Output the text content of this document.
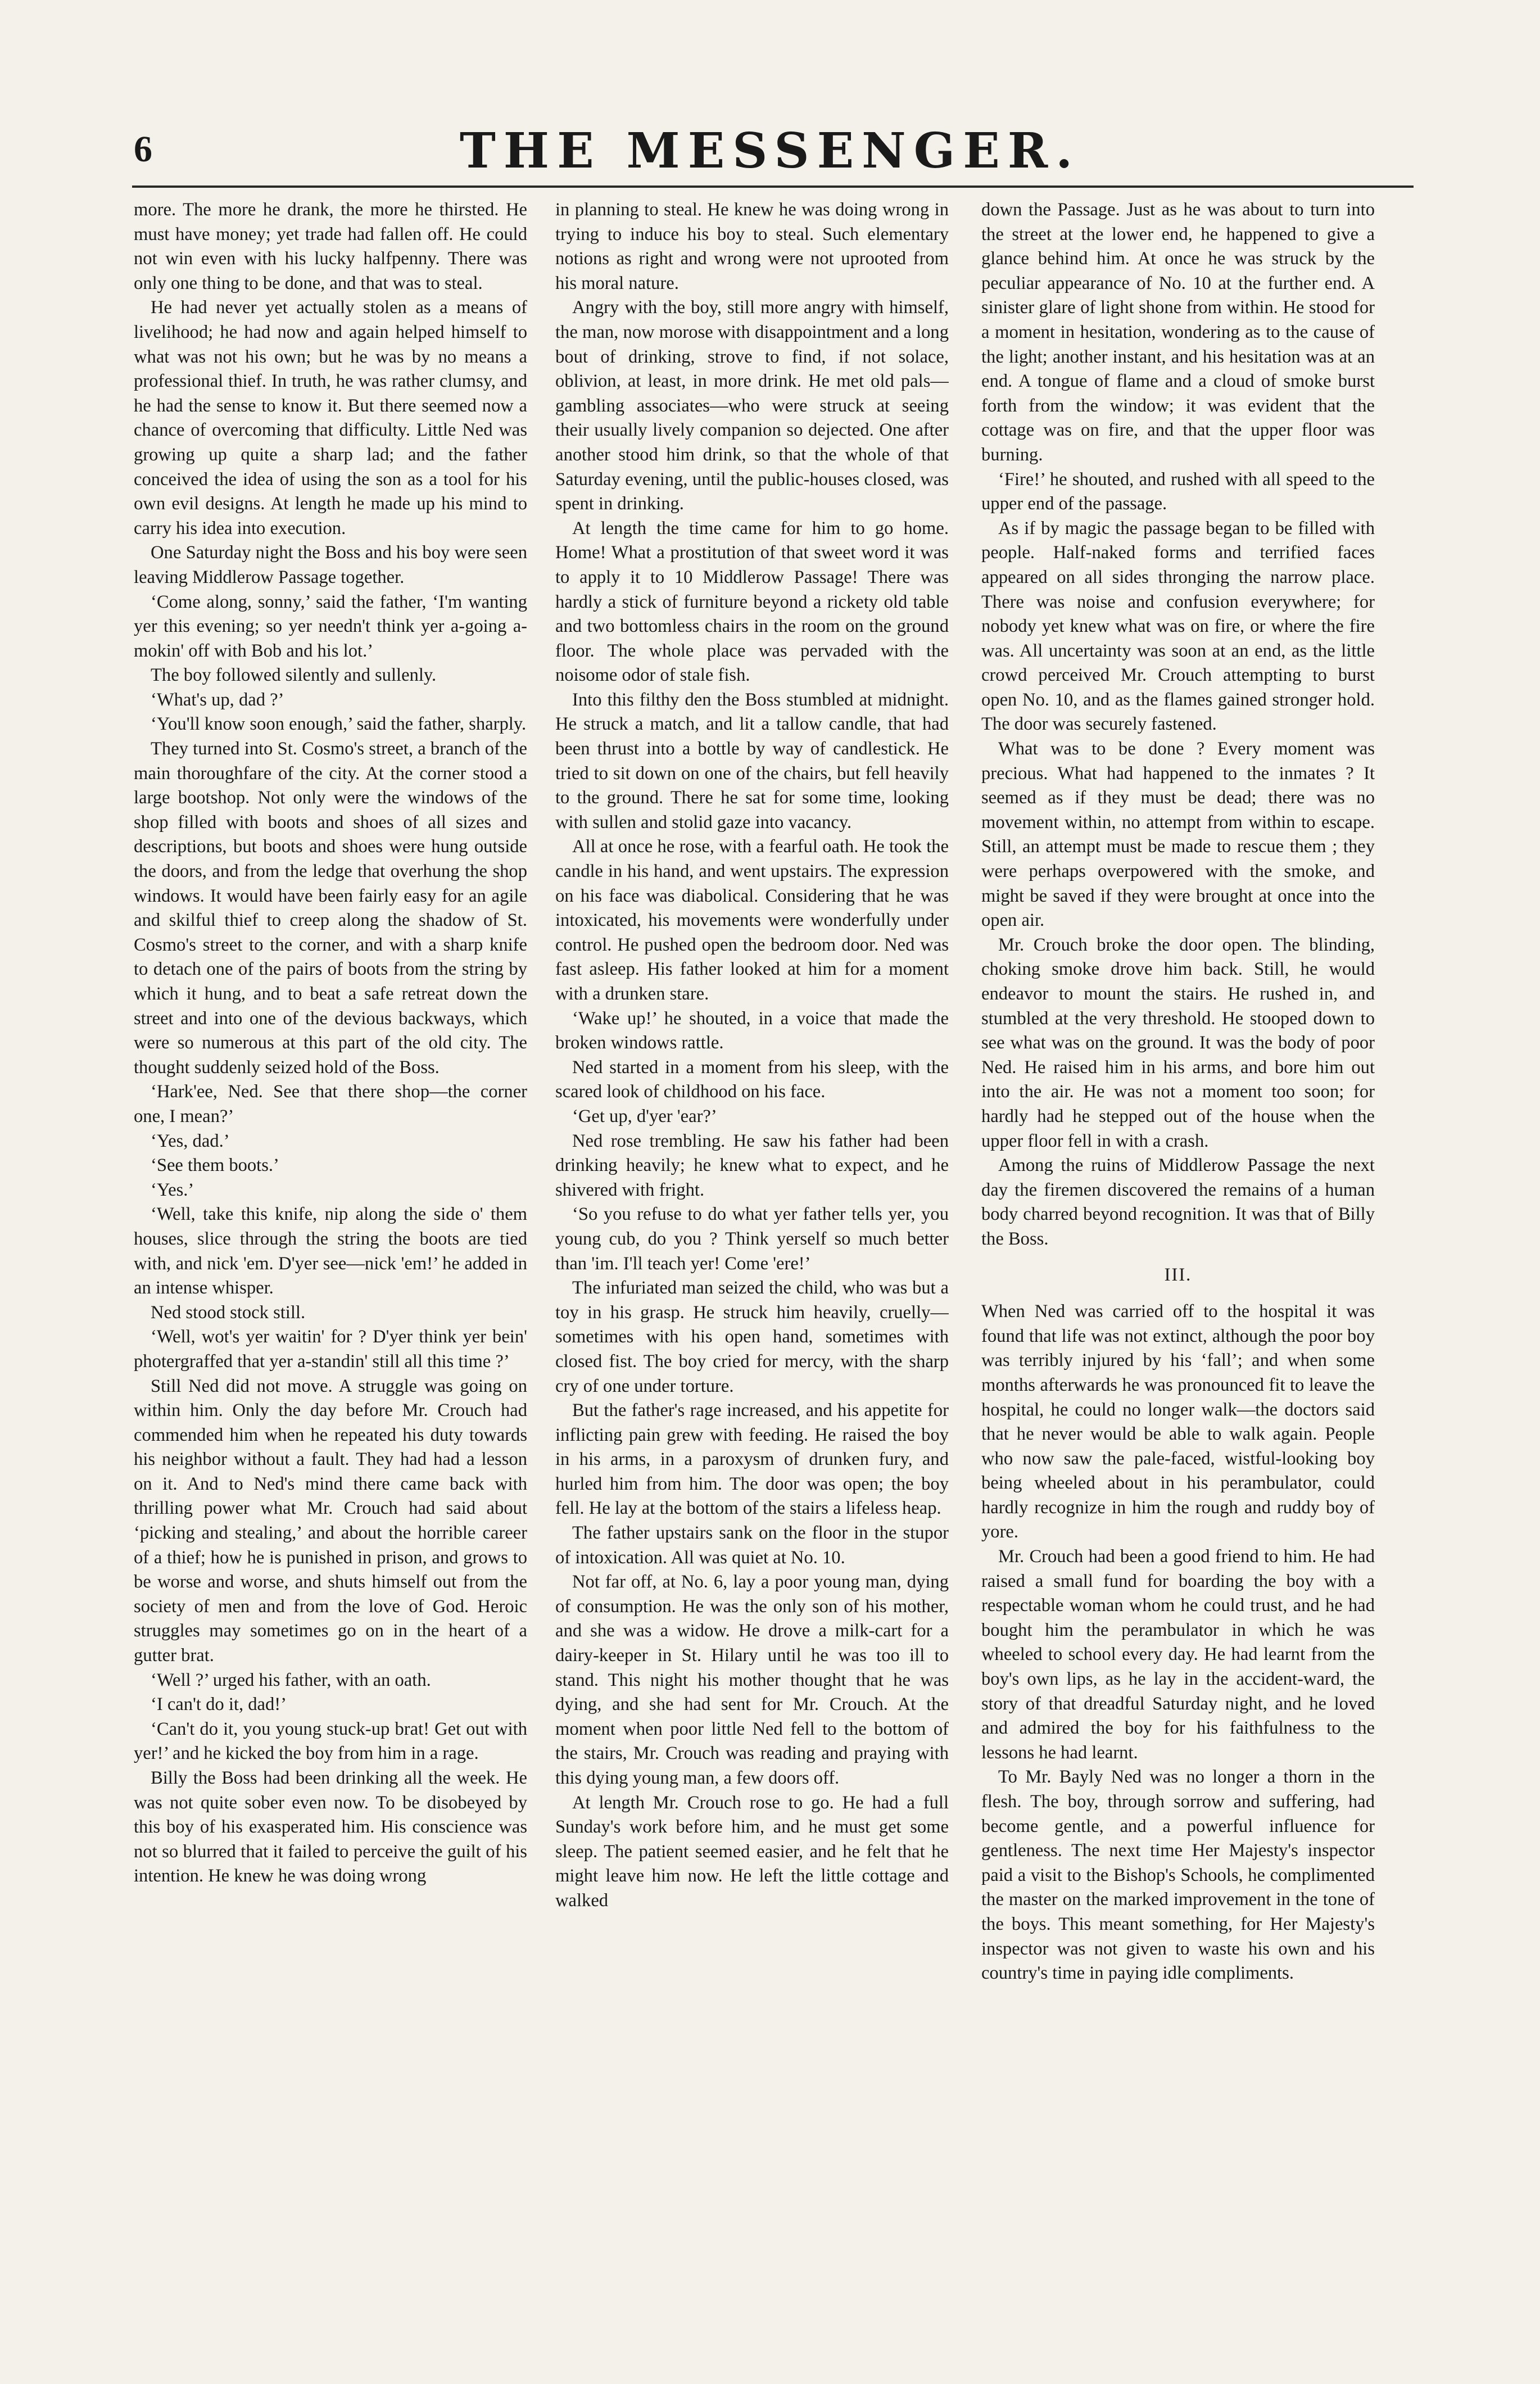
6	THE MESSENGER.

more. The more he drank, the more he thirsted. He must have money; yet trade had fallen off. He could not win even with his lucky halfpenny. There was only one thing to be done, and that was to steal.

He had never yet actually stolen as a means of livelihood; he had now and again helped himself to what was not his own; but he was by no means a professional thief. In truth, he was rather clumsy, and he had the sense to know it. But there seemed now a chance of overcoming that difficulty. Little Ned was growing up quite a sharp lad; and the father conceived the idea of using the son as a tool for his own evil designs. At length he made up his mind to carry his idea into execution.

One Saturday night the Boss and his boy were seen leaving Middlerow Passage together.

‘Come along, sonny,’ said the father, ‘I'm wanting yer this evening; so yer needn't think yer a-going a-mokin' off with Bob and his lot.’

The boy followed silently and sullenly.

‘What's up, dad ?’

‘You'll know soon enough,’ said the father, sharply.

They turned into St. Cosmo's street, a branch of the main thoroughfare of the city. At the corner stood a large bootshop. Not only were the windows of the shop filled with boots and shoes of all sizes and descriptions, but boots and shoes were hung outside the doors, and from the ledge that overhung the shop windows. It would have been fairly easy for an agile and skilful thief to creep along the shadow of St. Cosmo's street to the corner, and with a sharp knife to detach one of the pairs of boots from the string by which it hung, and to beat a safe retreat down the street and into one of the devious backways, which were so numerous at this part of the old city. The thought suddenly seized hold of the Boss.

‘Hark'ee, Ned. See that there shop—the corner one, I mean?’

‘Yes, dad.’

‘See them boots.’

‘Yes.’

‘Well, take this knife, nip along the side o' them houses, slice through the string the boots are tied with, and nick 'em. D'yer see—nick 'em!’ he added in an intense whisper.

Ned stood stock still.

‘Well, wot's yer waitin' for ? D'yer think yer bein' photergraffed that yer a-standin' still all this time ?’

Still Ned did not move. A struggle was going on within him. Only the day before Mr. Crouch had commended him when he repeated his duty towards his neighbor without a fault. They had had a lesson on it. And to Ned's mind there came back with thrilling power what Mr. Crouch had said about ‘picking and stealing,’ and about the horrible career of a thief; how he is punished in prison, and grows to be worse and worse, and shuts himself out from the society of men and from the love of God. Heroic struggles may sometimes go on in the heart of a gutter brat.

‘Well ?’ urged his father, with an oath.

‘I can't do it, dad!’

‘Can't do it, you young stuck-up brat! Get out with yer!’ and he kicked the boy from him in a rage.

Billy the Boss had been drinking all the week. He was not quite sober even now. To be disobeyed by this boy of his exasperated him. His conscience was not so blurred that it failed to perceive the guilt of his intention. He knew he was doing wrong

in planning to steal. He knew he was doing wrong in trying to induce his boy to steal. Such elementary notions as right and wrong were not uprooted from his moral nature.

Angry with the boy, still more angry with himself, the man, now morose with disappointment and a long bout of drinking, strove to find, if not solace, oblivion, at least, in more drink. He met old pals—gambling associates—who were struck at seeing their usually lively companion so dejected. One after another stood him drink, so that the whole of that Saturday evening, until the public-houses closed, was spent in drinking.

At length the time came for him to go home. Home! What a prostitution of that sweet word it was to apply it to 10 Middlerow Passage! There was hardly a stick of furniture beyond a rickety old table and two bottomless chairs in the room on the ground floor. The whole place was pervaded with the noisome odor of stale fish.

Into this filthy den the Boss stumbled at midnight. He struck a match, and lit a tallow candle, that had been thrust into a bottle by way of candlestick. He tried to sit down on one of the chairs, but fell heavily to the ground. There he sat for some time, looking with sullen and stolid gaze into vacancy.

All at once he rose, with a fearful oath. He took the candle in his hand, and went upstairs. The expression on his face was diabolical. Considering that he was intoxicated, his movements were wonderfully under control. He pushed open the bedroom door. Ned was fast asleep. His father looked at him for a moment with a drunken stare.

‘Wake up!’ he shouted, in a voice that made the broken windows rattle.

Ned started in a moment from his sleep, with the scared look of childhood on his face.

‘Get up, d'yer 'ear?’

Ned rose trembling. He saw his father had been drinking heavily; he knew what to expect, and he shivered with fright.

‘So you refuse to do what yer father tells yer, you young cub, do you ? Think yerself so much better than 'im. I'll teach yer! Come 'ere!’

The infuriated man seized the child, who was but a toy in his grasp. He struck him heavily, cruelly—sometimes with his open hand, sometimes with closed fist. The boy cried for mercy, with the sharp cry of one under torture.

But the father's rage increased, and his appetite for inflicting pain grew with feeding. He raised the boy in his arms, in a paroxysm of drunken fury, and hurled him from him. The door was open; the boy fell. He lay at the bottom of the stairs a lifeless heap.

The father upstairs sank on the floor in the stupor of intoxication. All was quiet at No. 10.

Not far off, at No. 6, lay a poor young man, dying of consumption. He was the only son of his mother, and she was a widow. He drove a milk-cart for a dairy-keeper in St. Hilary until he was too ill to stand. This night his mother thought that he was dying, and she had sent for Mr. Crouch. At the moment when poor little Ned fell to the bottom of the stairs, Mr. Crouch was reading and praying with this dying young man, a few doors off.

At length Mr. Crouch rose to go. He had a full Sunday's work before him, and he must get some sleep. The patient seemed easier, and he felt that he might leave him now. He left the little cottage and walked

down the Passage. Just as he was about to turn into the street at the lower end, he happened to give a glance behind him. At once he was struck by the peculiar appearance of No. 10 at the further end. A sinister glare of light shone from within. He stood for a moment in hesitation, wondering as to the cause of the light; another instant, and his hesitation was at an end. A tongue of flame and a cloud of smoke burst forth from the window; it was evident that the cottage was on fire, and that the upper floor was burning.

‘Fire!’ he shouted, and rushed with all speed to the upper end of the passage.

As if by magic the passage began to be filled with people. Half-naked forms and terrified faces appeared on all sides thronging the narrow place. There was noise and confusion everywhere; for nobody yet knew what was on fire, or where the fire was. All uncertainty was soon at an end, as the little crowd perceived Mr. Crouch attempting to burst open No. 10, and as the flames gained stronger hold. The door was securely fastened.

What was to be done ? Every moment was precious. What had happened to the inmates ? It seemed as if they must be dead; there was no movement within, no attempt from within to escape. Still, an attempt must be made to rescue them ; they were perhaps overpowered with the smoke, and might be saved if they were brought at once into the open air.

Mr. Crouch broke the door open. The blinding, choking smoke drove him back. Still, he would endeavor to mount the stairs. He rushed in, and stumbled at the very threshold. He stooped down to see what was on the ground. It was the body of poor Ned. He raised him in his arms, and bore him out into the air. He was not a moment too soon; for hardly had he stepped out of the house when the upper floor fell in with a crash.

Among the ruins of Middlerow Passage the next day the firemen discovered the remains of a human body charred beyond recognition. It was that of Billy the Boss.

III.

When Ned was carried off to the hospital it was found that life was not extinct, although the poor boy was terribly injured by his ‘fall’; and when some months afterwards he was pronounced fit to leave the hospital, he could no longer walk—the doctors said that he never would be able to walk again. People who now saw the pale-faced, wistful-looking boy being wheeled about in his perambulator, could hardly recognize in him the rough and ruddy boy of yore.

Mr. Crouch had been a good friend to him. He had raised a small fund for boarding the boy with a respectable woman whom he could trust, and he had bought him the perambulator in which he was wheeled to school every day. He had learnt from the boy's own lips, as he lay in the accident-ward, the story of that dreadful Saturday night, and he loved and admired the boy for his faithfulness to the lessons he had learnt.

To Mr. Bayly Ned was no longer a thorn in the flesh. The boy, through sorrow and suffering, had become gentle, and a powerful influence for gentleness. The next time Her Majesty's inspector paid a visit to the Bishop's Schools, he complimented the master on the marked improvement in the tone of the boys. This meant something, for Her Majesty's inspector was not given to waste his own and his country's time in paying idle compliments.
